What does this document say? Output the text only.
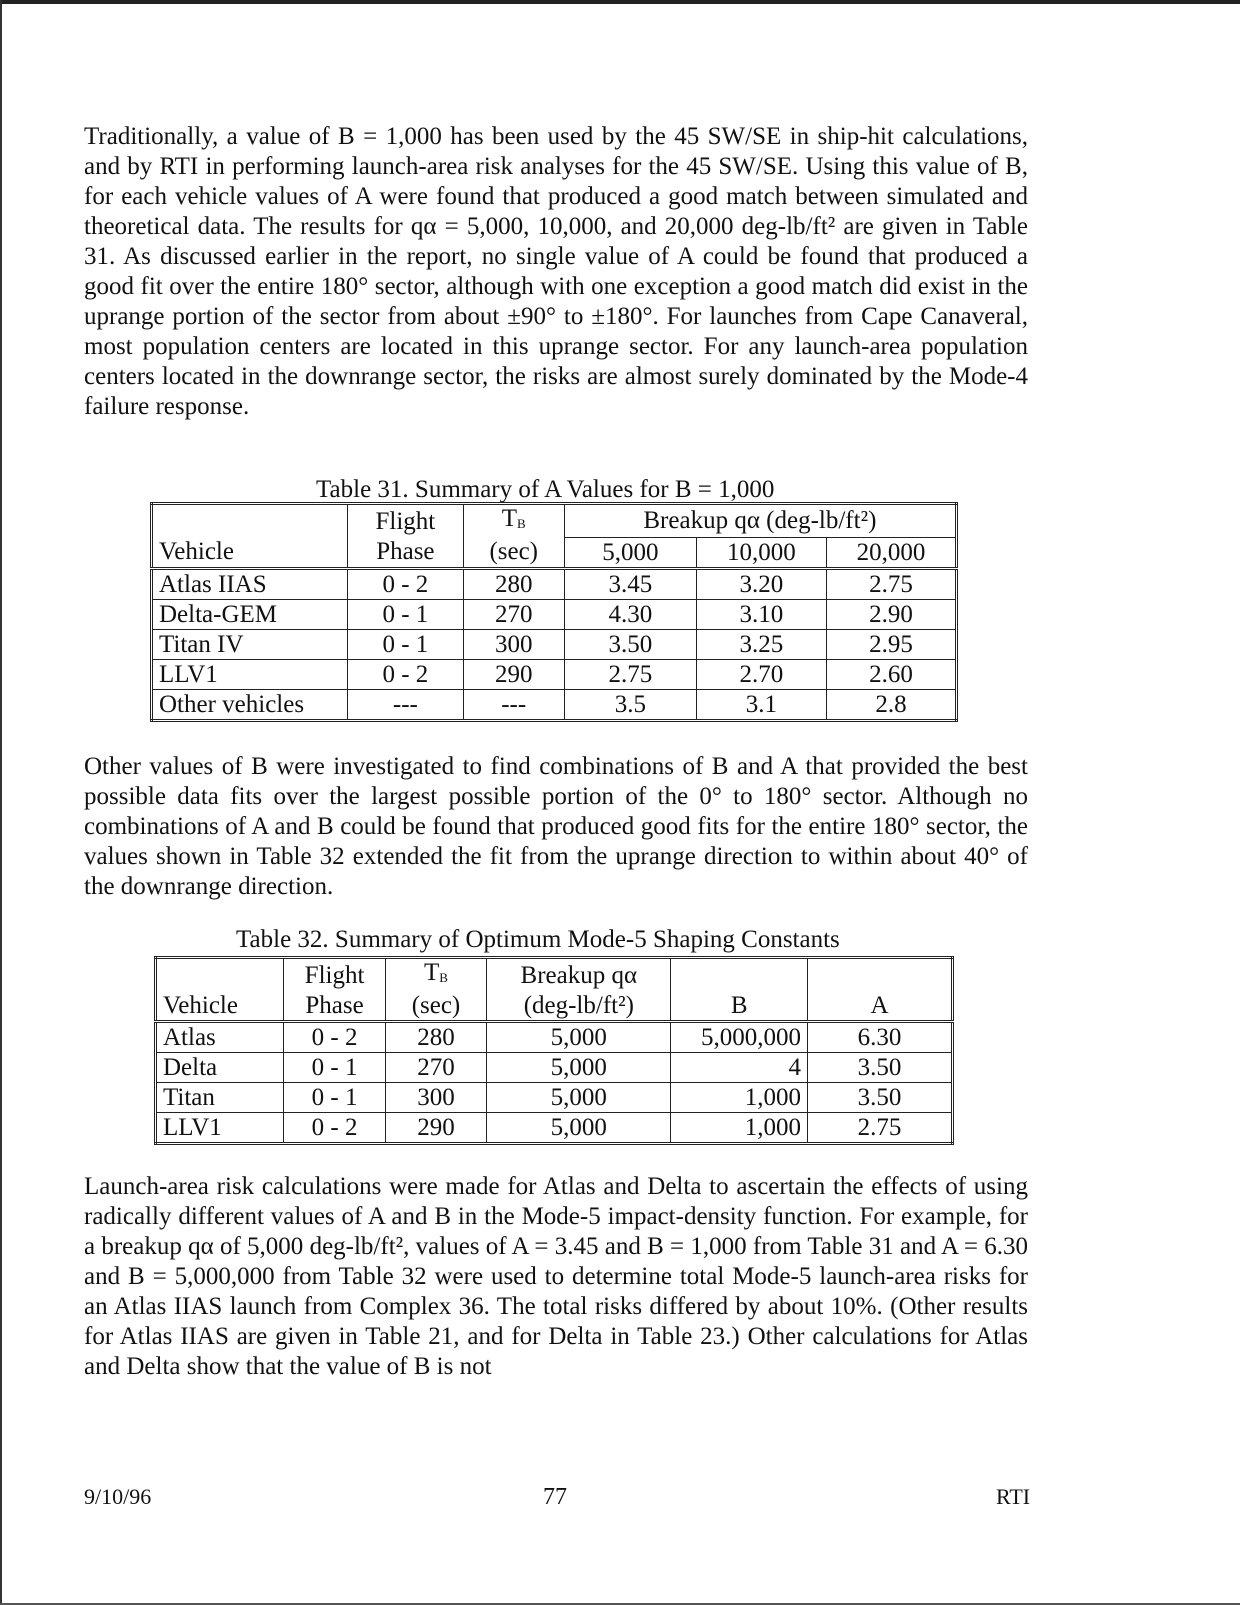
Traditionally, a value of B = 1,000 has been used by the 45 SW/SE in ship-hit calculations, and by RTI in performing launch-area risk analyses for the 45 SW/SE. Using this value of B, for each vehicle values of A were found that produced a good match between simulated and theoretical data. The results for qα = 5,000, 10,000, and 20,000 deg-lb/ft² are given in Table 31. As discussed earlier in the report, no single value of A could be found that produced a good fit over the entire 180° sector, although with one exception a good match did exist in the uprange portion of the sector from about ±90° to ±180°. For launches from Cape Canaveral, most population centers are located in this uprange sector. For any launch-area population centers located in the downrange sector, the risks are almost surely dominated by the Mode-4 failure response.

Table 31. Summary of A Values for B = 1,000
	Flight	$T_B$	Breakup qα (deg-lb/ft²)		
Vehicle	Phase	(sec)	5,000	10,000	20,000
Atlas IIAS	0 - 2	280	3.45	3.20	2.75
Delta-GEM	0 - 1	270	4.30	3.10	2.90
Titan IV	0 - 1	300	3.50	3.25	2.95
LLV1	0 - 2	290	2.75	2.70	2.60
Other vehicles	---	---	3.5	3.1	2.8

Other values of B were investigated to find combinations of B and A that provided the best possible data fits over the largest possible portion of the 0° to 180° sector. Although no combinations of A and B could be found that produced good fits for the entire 180° sector, the values shown in Table 32 extended the fit from the uprange direction to within about 40° of the downrange direction.

Table 32. Summary of Optimum Mode-5 Shaping Constants
	Flight	$T_B$	Breakup qα		
Vehicle	Phase	(sec)	(deg-lb/ft²)	B	A
Atlas	0 - 2	280	5,000	5,000,000	6.30
Delta	0 - 1	270	5,000	4	3.50
Titan	0 - 1	300	5,000	1,000	3.50
LLV1	0 - 2	290	5,000	1,000	2.75

Launch-area risk calculations were made for Atlas and Delta to ascertain the effects of using radically different values of A and B in the Mode-5 impact-density function. For example, for a breakup qα of 5,000 deg-lb/ft², values of A = 3.45 and B = 1,000 from Table 31 and A = 6.30 and B = 5,000,000 from Table 32 were used to determine total Mode-5 launch-area risks for an Atlas IIAS launch from Complex 36. The total risks differed by about 10%. (Other results for Atlas IIAS are given in Table 21, and for Delta in Table 23.) Other calculations for Atlas and Delta show that the value of B is not

9/10/96	77	RTI
